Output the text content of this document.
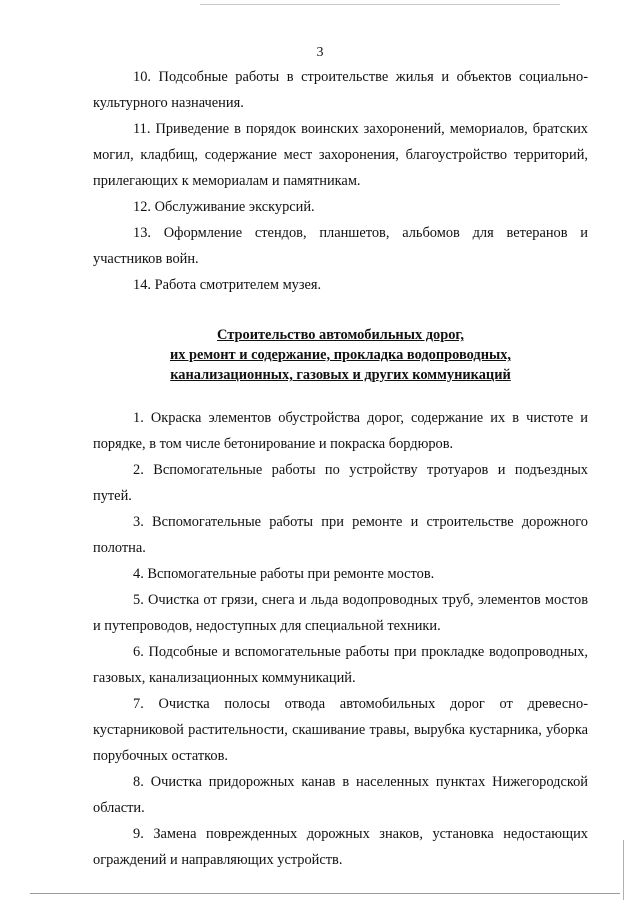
3

10. Подсобные работы в строительстве жилья и объектов социально-культурного назначения.

11. Приведение в порядок воинских захоронений, мемориалов, братских могил, кладбищ, содержание мест захоронения, благоустройство территорий, прилегающих к мемориалам и памятникам.

12. Обслуживание экскурсий.

13. Оформление стендов, планшетов, альбомов для ветеранов и участников войн.

14. Работа смотрителем музея.

Строительство автомобильных дорог,
их ремонт и содержание, прокладка водопроводных,
канализационных, газовых и других коммуникаций

1. Окраска элементов обустройства дорог, содержание их в чистоте и порядке, в том числе бетонирование и покраска бордюров.

2. Вспомогательные работы по устройству тротуаров и подъездных путей.

3. Вспомогательные работы при ремонте и строительстве дорожного полотна.

4. Вспомогательные работы при ремонте мостов.

5. Очистка от грязи, снега и льда водопроводных труб, элементов мостов и путепроводов, недоступных для специальной техники.

6. Подсобные и вспомогательные работы при прокладке водопроводных, газовых, канализационных коммуникаций.

7. Очистка полосы отвода автомобильных дорог от древесно-кустарниковой растительности, скашивание травы, вырубка кустарника, уборка порубочных остатков.

8. Очистка придорожных канав в населенных пунктах Нижегородской области.

9. Замена поврежденных дорожных знаков, установка недостающих ограждений и направляющих устройств.
